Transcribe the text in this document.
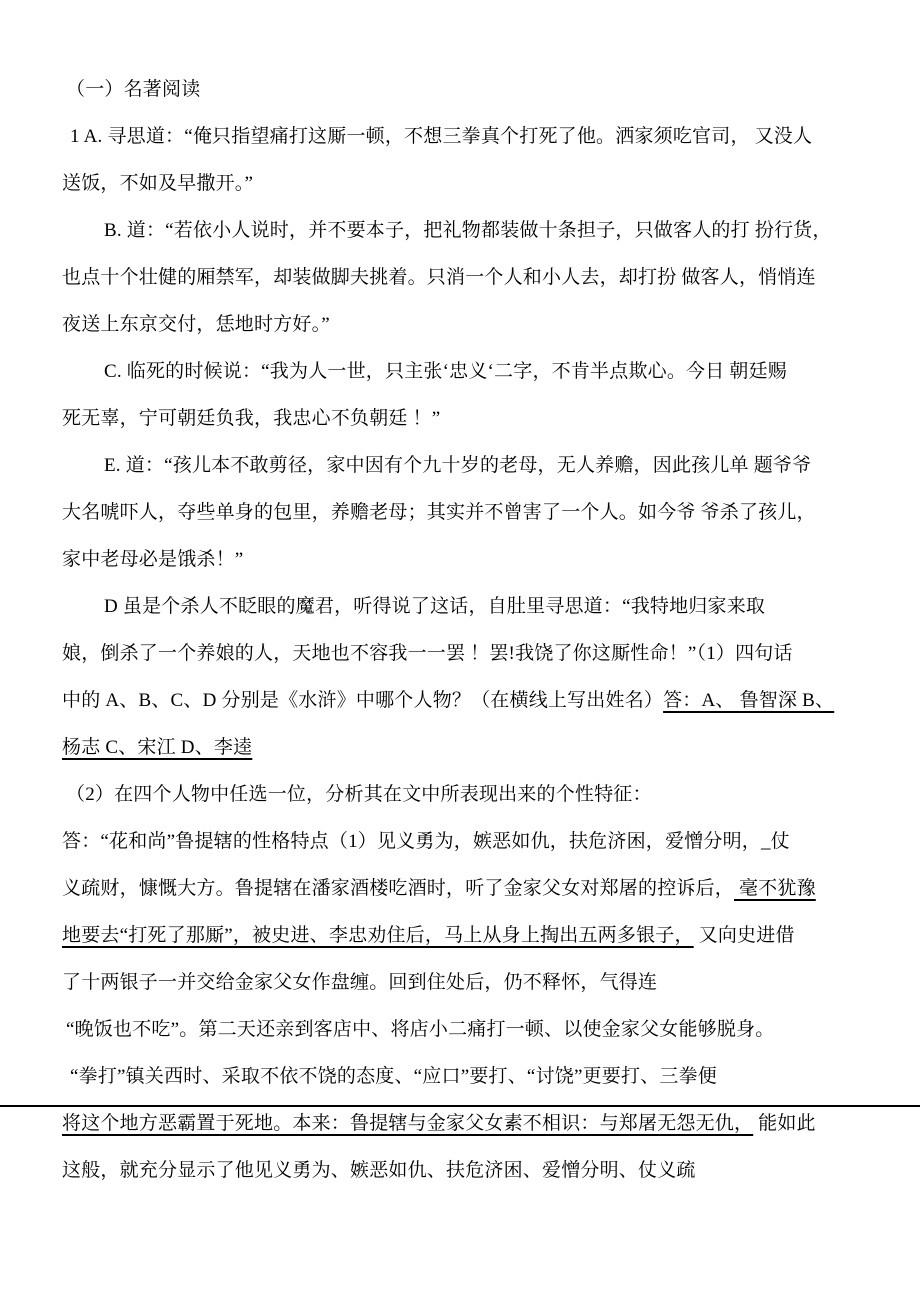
（一）名著阅读
1 A. 寻思道：“俺只指望痛打这厮一顿，不想三拳真个打死了他。洒家须吃官司， 又没人
送饭，不如及早撒开。”
B. 道：“若依小人说时，并不要本子，把礼物都装做十条担子，只做客人的打 扮行货，
也点十个壮健的厢禁军，却装做脚夫挑着。只消一个人和小人去，却打扮 做客人，悄悄连
夜送上东京交付，恁地时方好。”
C. 临死的时候说：“我为人一世，只主张‘忠义‘二字，不肯半点欺心。今日 朝廷赐
死无辜，宁可朝廷负我，我忠心不负朝廷 ！”
E. 道：“孩儿本不敢剪径，家中因有个九十岁的老母，无人养赡，因此孩儿单 题爷爷
大名唬吓人，夺些单身的包里，养赡老母；其实并不曾害了一个人。如今爷 爷杀了孩儿，
家中老母必是饿杀！”
D 虽是个杀人不眨眼的魔君，听得说了这话，自肚里寻思道：“我特地归家来取
娘，倒杀了一个养娘的人，天地也不容我一一罢 ！罢!我饶了你这厮性命！”（1）四句话
中的 A、B、C、D 分别是《水浒》中哪个人物？（在横线上写出姓名）答：A、 鲁智深 B、
杨志 C、宋江 D、李逵
（2）在四个人物中任选一位，分析其在文中所表现出来的个性特征：
答：“花和尚”鲁提辖的性格特点（1）见义勇为，嫉恶如仇，扶危济困，爱憎分明，_仗
义疏财，慷慨大方。鲁提辖在潘家酒楼吃酒时，听了金家父女对郑屠的控诉后， 毫不犹豫
地要去“打死了那厮”，被史进、李忠劝住后，马上从身上掏出五两多银子， 又向史进借
了十两银子一并交给金家父女作盘缠。回到住处后，仍不释怀，气得连
“晚饭也不吃”。第二天还亲到客店中、将店小二痛打一顿、以使金家父女能够脱身。
“拳打”镇关西时、采取不依不饶的态度、“应口”要打、“讨饶”更要打、三拳便
将这个地方恶霸置于死地。本来：鲁提辖与金家父女素不相识：与郑屠无怨无仇， 能如此
这般，就充分显示了他见义勇为、嫉恶如仇、扶危济困、爱憎分明、仗义疏
